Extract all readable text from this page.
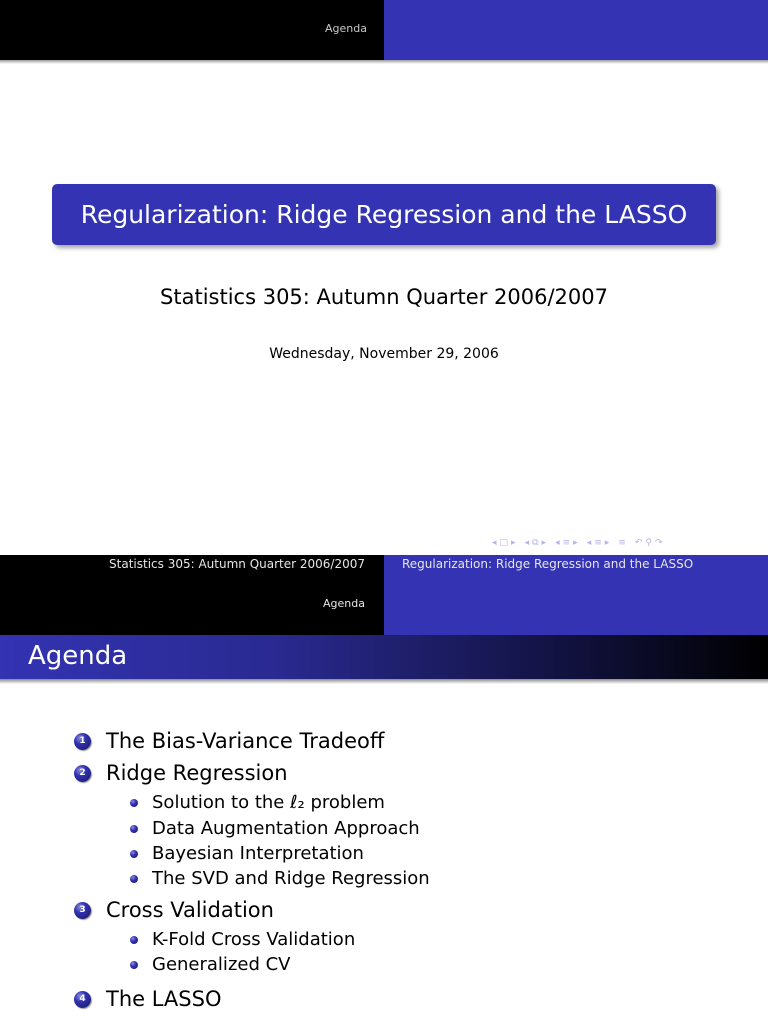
Agenda
Regularization: Ridge Regression and the LASSO
Statistics 305: Autumn Quarter 2006/2007
Wednesday, November 29, 2006
◂ □ ▸ ◂ ⧉ ▸ ◂ ≡ ▸ ◂ ≡ ▸ ≡ ↶ ⚲ ↷
Statistics 305: Autumn Quarter 2006/2007	Regularization: Ridge Regression and the LASSO
Agenda
Agenda
1 The Bias-Variance Tradeoff
2 Ridge Regression
Solution to the ℓ₂ problem
Data Augmentation Approach
Bayesian Interpretation
The SVD and Ridge Regression
3 Cross Validation
K-Fold Cross Validation
Generalized CV
4 The LASSO
